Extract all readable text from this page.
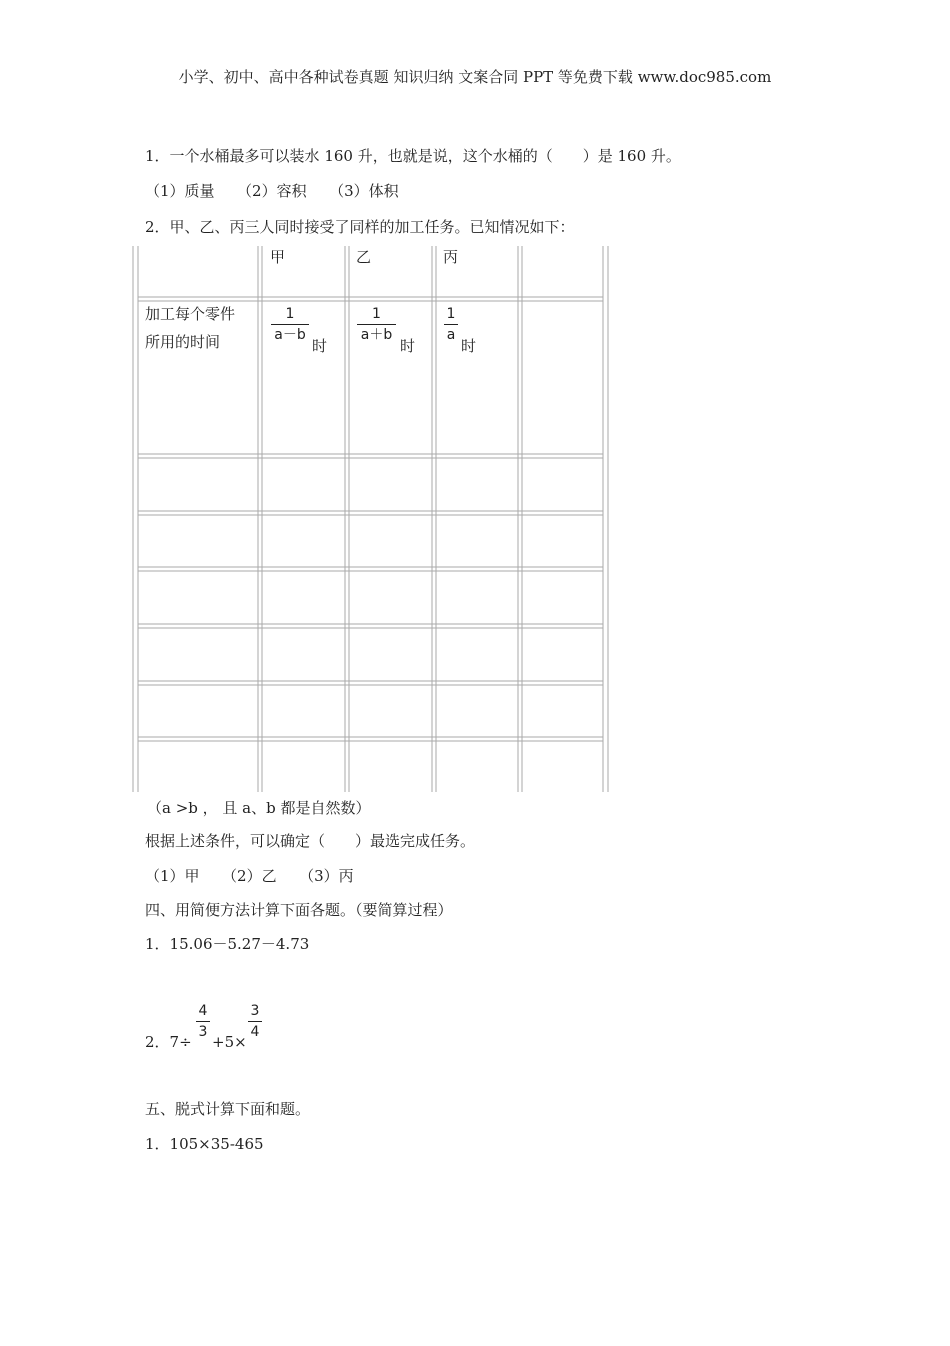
小学、初中、高中各种试卷真题 知识归纳 文案合同 PPT 等免费下载 www.doc985.com
1．一个水桶最多可以装水 160 升，也就是说，这个水桶的（　　）是 160 升。
（1）质量　　（2）容积　　（3）体积
2．甲、乙、丙三人同时接受了同样的加工任务。已知情况如下：
甲	乙	丙
加工每个零件
所用的时间
1
a－b
时
1
a＋b
时
1
a
时
（a >b ， 且 a、b 都是自然数）
根据上述条件，可以确定（　　）最选完成任务。
（1）甲　　（2）乙　　（3）丙
四、用简便方法计算下面各题。（要简算过程）
1．15.06－5.27－4.73
2．7÷
4
3
+5×
3
4
五、脱式计算下面和题。
1．105×35-465
